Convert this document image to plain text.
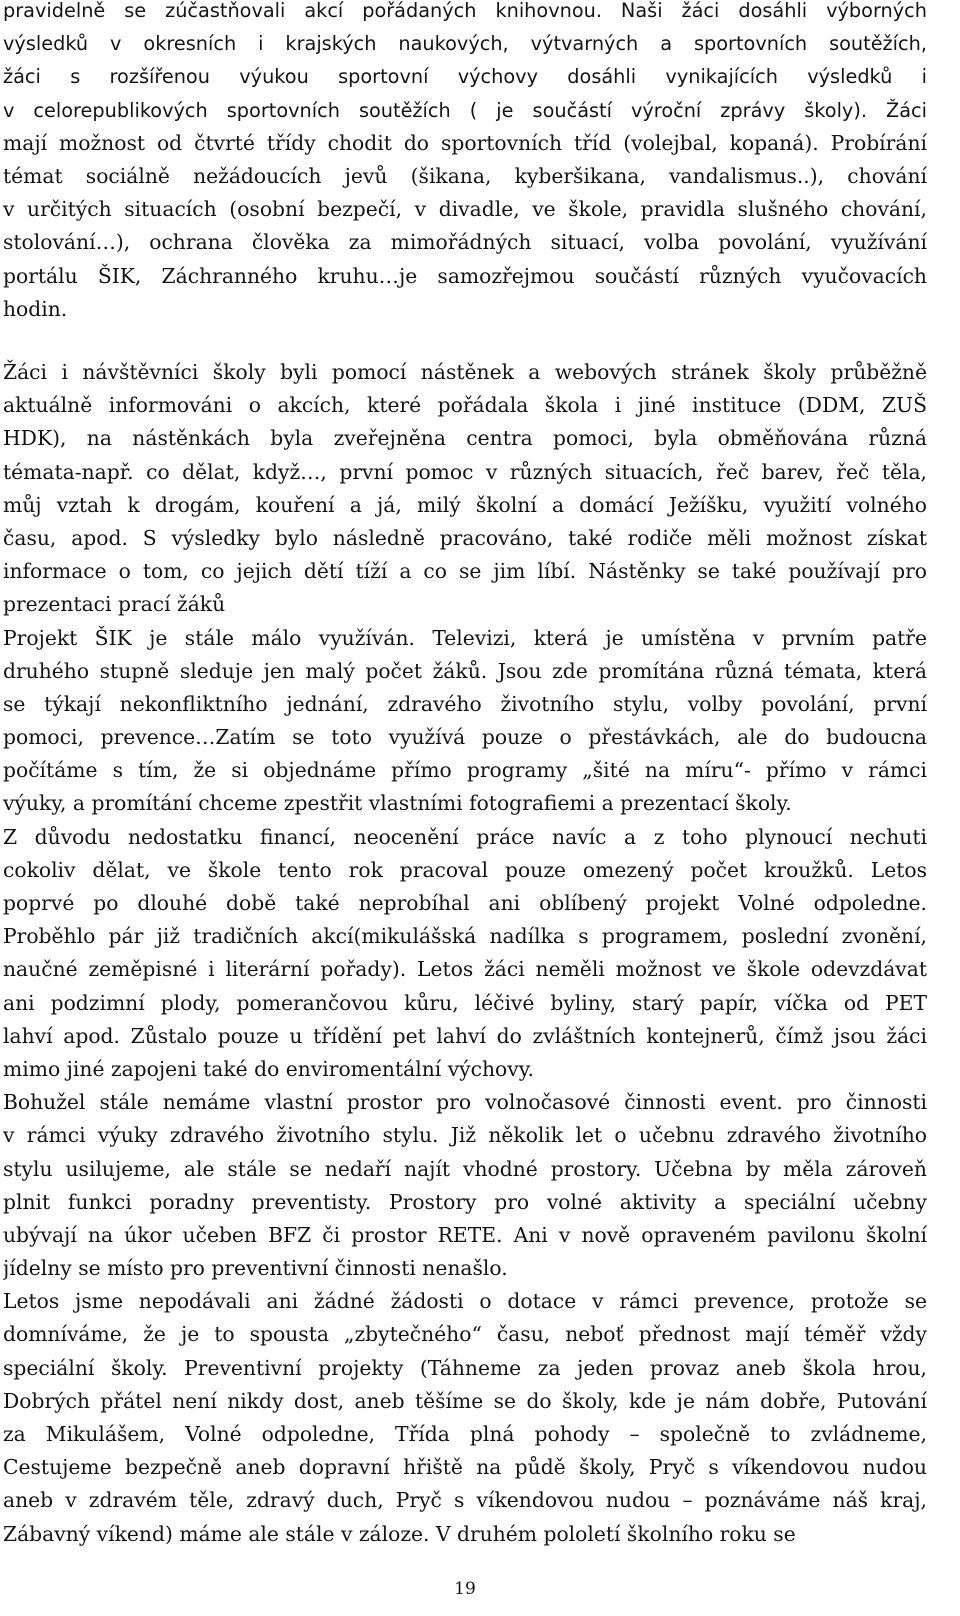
pravidelně se zúčastňovali akcí pořádaných knihovnou. Naši žáci dosáhli výborných
výsledků v okresních i krajských naukových, výtvarných a sportovních soutěžích,
žáci s rozšířenou výukou sportovní výchovy dosáhli vynikajících výsledků i
v celorepublikových sportovních soutěžích ( je součástí výroční zprávy školy). Žáci
mají možnost od čtvrté třídy chodit do sportovních tříd (volejbal, kopaná). Probírání
témat sociálně nežádoucích jevů (šikana, kyberšikana, vandalismus..), chování
v určitých situacích (osobní bezpečí, v divadle, ve škole, pravidla slušného chování,
stolování…), ochrana člověka za mimořádných situací, volba povolání, využívání
portálu ŠIK, Záchranného kruhu…je samozřejmou součástí různých vyučovacích
hodin.
Žáci i návštěvníci školy byli pomocí nástěnek a webových stránek školy průběžně
aktuálně informováni o akcích, které pořádala škola i jiné instituce (DDM, ZUŠ
HDK), na nástěnkách byla zveřejněna centra pomoci, byla obměňována různá
témata-např. co dělat, když…, první pomoc v různých situacích, řeč barev, řeč těla,
můj vztah k drogám, kouření a já, milý školní a domácí Ježíšku, využití volného
času, apod. S výsledky bylo následně pracováno, také rodiče měli možnost získat
informace o tom, co jejich dětí tíží a co se jim líbí. Nástěnky se také používají pro
prezentaci prací žáků
Projekt ŠIK je stále málo využíván. Televizi, která je umístěna v prvním patře
druhého stupně sleduje jen malý počet žáků. Jsou zde promítána různá témata, která
se týkají nekonfliktního jednání, zdravého životního stylu, volby povolání, první
pomoci, prevence…Zatím se toto využívá pouze o přestávkách, ale do budoucna
počítáme s tím, že si objednáme přímo programy „šité na míru“- přímo v rámci
výuky, a promítání chceme zpestřit vlastními fotografiemi a prezentací školy.
Z důvodu nedostatku financí, neocenění práce navíc a z toho plynoucí nechuti
cokoliv dělat, ve škole tento rok pracoval pouze omezený počet kroužků. Letos
poprvé po dlouhé době také neprobíhal ani oblíbený projekt Volné odpoledne.
Proběhlo pár již tradičních akcí(mikulášská nadílka s programem, poslední zvonění,
naučné zeměpisné i literární pořady). Letos žáci neměli možnost ve škole odevzdávat
ani podzimní plody, pomerančovou kůru, léčivé byliny, starý papír, víčka od PET
lahví apod. Zůstalo pouze u třídění pet lahví do zvláštních kontejnerů, čímž jsou žáci
mimo jiné zapojeni také do enviromentální výchovy.
Bohužel stále nemáme vlastní prostor pro volnočasové činnosti event. pro činnosti
v rámci výuky zdravého životního stylu. Již několik let o učebnu zdravého životního
stylu usilujeme, ale stále se nedaří najít vhodné prostory. Učebna by měla zároveň
plnit funkci poradny preventisty. Prostory pro volné aktivity a speciální učebny
ubývají na úkor učeben BFZ či prostor RETE. Ani v nově opraveném pavilonu školní
jídelny se místo pro preventivní činnosti nenašlo.
Letos jsme nepodávali ani žádné žádosti o dotace v rámci prevence, protože se
domníváme, že je to spousta „zbytečného“ času, neboť přednost mají téměř vždy
speciální školy. Preventivní projekty (Táhneme za jeden provaz aneb škola hrou,
Dobrých přátel není nikdy dost, aneb těšíme se do školy, kde je nám dobře, Putování
za Mikulášem, Volné odpoledne, Třída plná pohody – společně to zvládneme,
Cestujeme bezpečně aneb dopravní hřiště na půdě školy, Pryč s víkendovou nudou
aneb v zdravém těle, zdravý duch, Pryč s víkendovou nudou – poznáváme náš kraj,
Zábavný víkend) máme ale stále v záloze. V druhém pololetí školního roku se
19
